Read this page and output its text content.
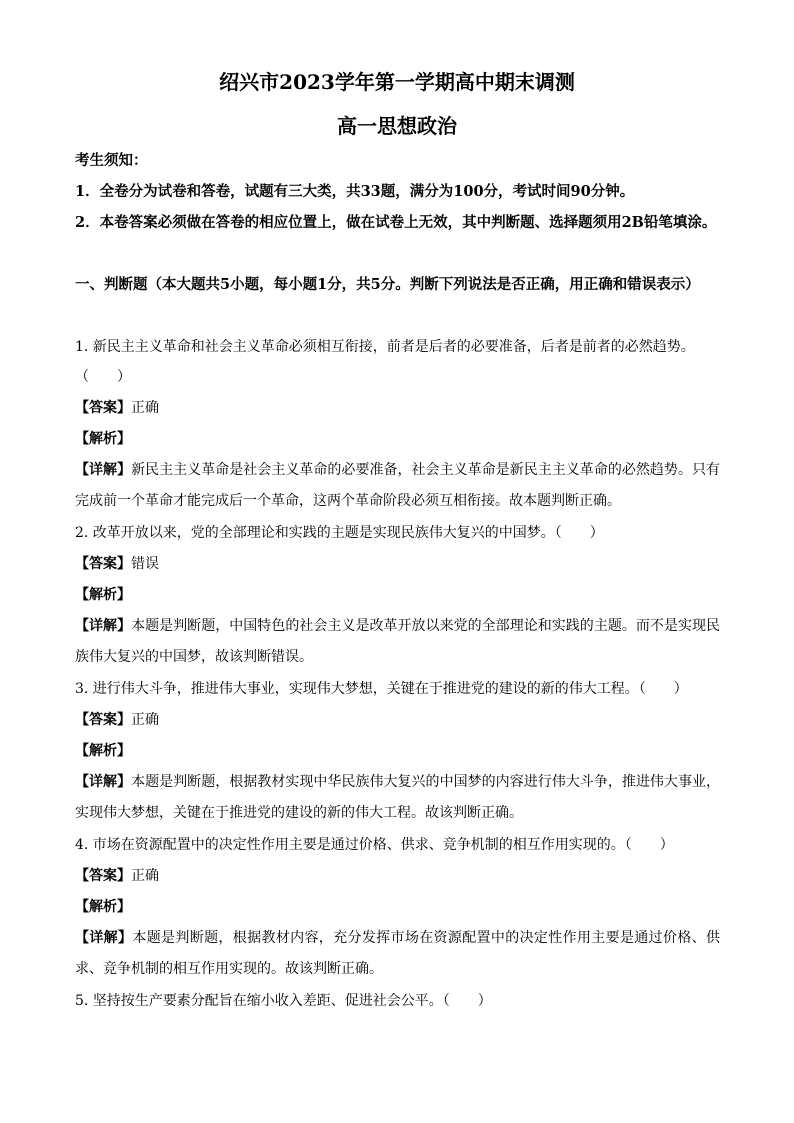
绍兴市2023学年第一学期高中期末调测
高一思想政治
考生须知：
1．全卷分为试卷和答卷，试题有三大类，共33题，满分为100分，考试时间90分钟。
2．本卷答案必须做在答卷的相应位置上，做在试卷上无效，其中判断题、选择题须用2B铅笔填涂。
一、判断题（本大题共5小题，每小题1分，共5分。判断下列说法是否正确，用正确和错误表示）
1. 新民主主义革命和社会主义革命必须相互衔接，前者是后者的必要准备，后者是前者的必然趋势。
（　　）
【答案】正确
【解析】
【详解】新民主主义革命是社会主义革命的必要准备，社会主义革命是新民主主义革命的必然趋势。只有完成前一个革命才能完成后一个革命，这两个革命阶段必须互相衔接。故本题判断正确。
2. 改革开放以来，党的全部理论和实践的主题是实现民族伟大复兴的中国梦。（　　）
【答案】错误
【解析】
【详解】本题是判断题，中国特色的社会主义是改革开放以来党的全部理论和实践的主题。而不是实现民族伟大复兴的中国梦，故该判断错误。
3. 进行伟大斗争，推进伟大事业，实现伟大梦想，关键在于推进党的建设的新的伟大工程。（　　）
【答案】正确
【解析】
【详解】本题是判断题，根据教材实现中华民族伟大复兴的中国梦的内容进行伟大斗争，推进伟大事业，实现伟大梦想，关键在于推进党的建设的新的伟大工程。故该判断正确。
4. 市场在资源配置中的决定性作用主要是通过价格、供求、竞争机制的相互作用实现的。（　　）
【答案】正确
【解析】
【详解】本题是判断题，根据教材内容，充分发挥市场在资源配置中的决定性作用主要是通过价格、供求、竞争机制的相互作用实现的。故该判断正确。
5. 坚持按生产要素分配旨在缩小收入差距、促进社会公平。（　　）
